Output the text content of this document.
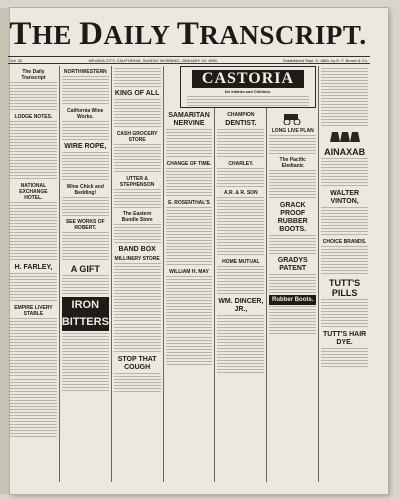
THE DAILY TRANSCRIPT.
Vol. 32.	NEVADA CITY, CALIFORNIA, SUNDAY MORNING, JANUARY 19, 1890.	Established Sept. 5, 1860, by E. F. Brown & Co.
The Daily Transcript
LODGE NOTES.
NATIONAL EXCHANGE HOTEL.
H. FARLEY,
EMPIRE LIVERY STABLE
NORTHWESTERN
California Wine Works.
WIRE ROPE,
Wine Chick and Bedding!
SEE WORKS OF ROBERT.
A GIFT
IRON BITTERS
KING OF ALL
CASH GROCERY STORE
UTTER & STEPHENSON
The Eastern Bundle Store
BAND BOX
MILLINERY STORE
STOP THAT COUGH
SAMARITAN NERVINE
CHANGE OF TIME.
E. ROSENTHAL'S
WILLIAM H. MAY
CHAMPION
DENTIST.
CHARLEY.
A.R. & R. SON
HOME MUTUAL
WM. DINCER, JR.,
LONG LIVE PLAN
The Pacific Eledtanic
GRACK PROOF RUBBER BOOTS.
GRADYS PATENT
Rubber Boots.
AINAXAB
WALTER VINTON,
CHOICE BRANDS.
TUTT'S PILLS
TUTT'S HAIR DYE.
CASTORIA
for Infants and Children.
